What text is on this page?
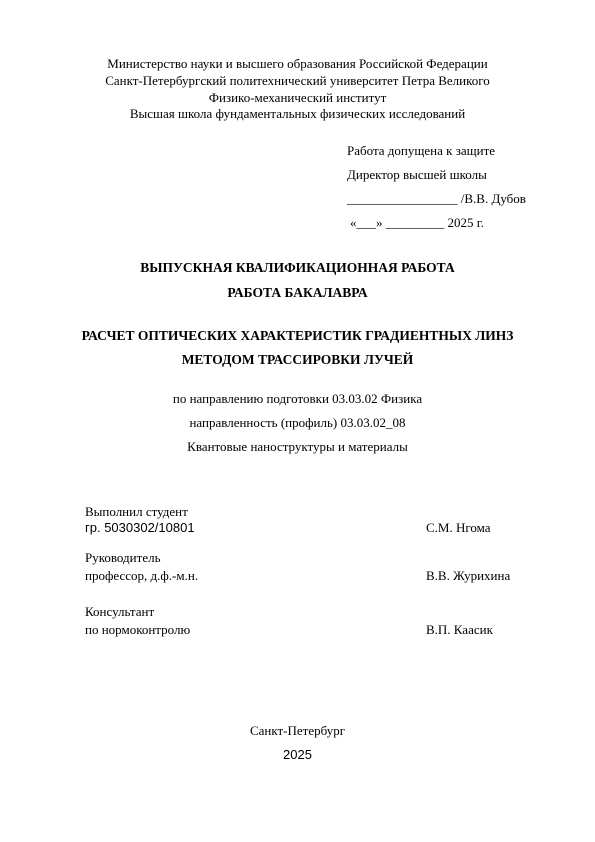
Министерство науки и высшего образования Российской Федерации
Санкт-Петербургский политехнический университет Петра Великого
Физико-механический институт
Высшая школа фундаментальных физических исследований
Работа допущена к защите
Директор высшей школы
_________________ /В.В. Дубов
«___» _________ 2025 г.
ВЫПУСКНАЯ КВАЛИФИКАЦИОННАЯ РАБОТА
РАБОТА БАКАЛАВРА
РАСЧЕТ ОПТИЧЕСКИХ ХАРАКТЕРИСТИК ГРАДИЕНТНЫХ ЛИНЗ
МЕТОДОМ ТРАССИРОВКИ ЛУЧЕЙ
по направлению подготовки 03.03.02 Физика
направленность (профиль) 03.03.02_08
Квантовые наноструктуры и материалы
Выполнил студент
гр. 5030302/10801	С.М. Нгома
Руководитель
профессор, д.ф.-м.н.	В.В. Журихина
Консультант
по нормоконтролю	В.П. Каасик
Санкт-Петербург
2025
